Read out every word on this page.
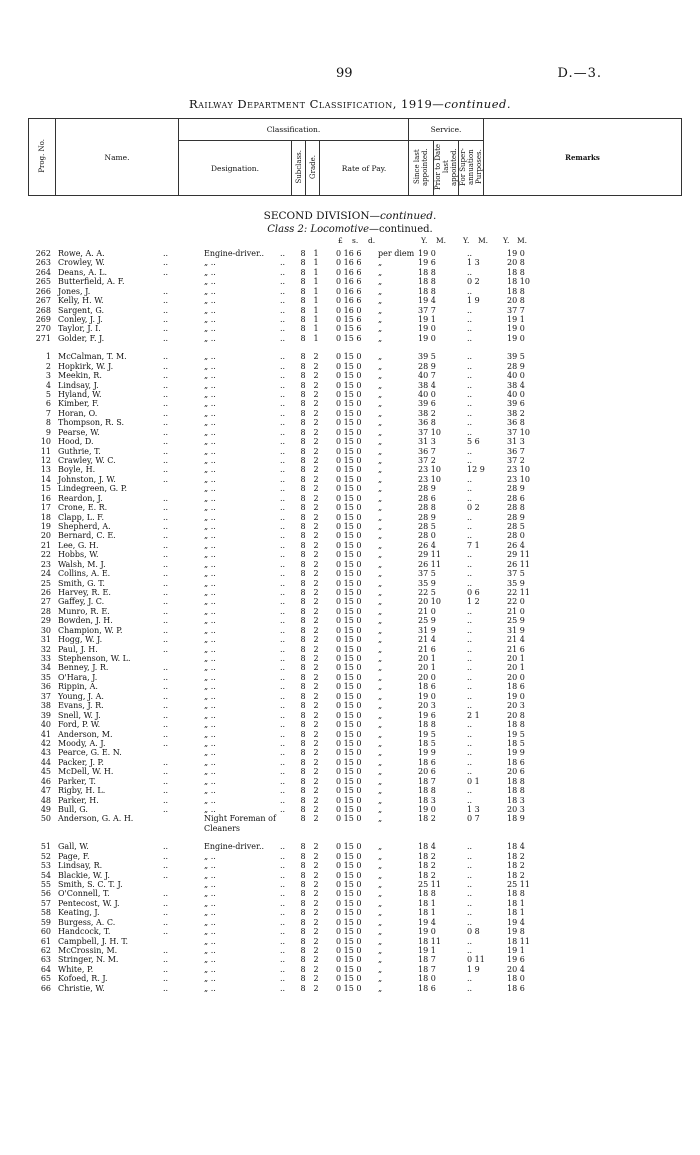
99	D.—3.
Railway Department Classification, 1919—continued.
Prog. No.	Name.	Classification.				Service.			Remarks
		Designation.	Subclass.	Grade.	Rate of Pay.	Since last appointed.	Prior to Date last appointed.	For Super-annuation Purposes.	
SECOND DIVISION—continued.
Class 2: Locomotive—continued.
£ s. d.	Y. M. Y. M. Y. M.
262 Rowe, A. A.	..	Engine-driver.. ..	8 1	0 16 6 per diem 19 0	..	19 0
263 Crowley, W.	..	„ ..	..	8 1	0 16 6 „	19 6	1 3	20 8
264 Deans, A. L.	..	„ ..	..	8 1	0 16 6 „	18 8	..	18 8
265 Butterfield, A. F.	„ ..	..	8 1	0 16 6 „	18 8	0 2	18 10
266 Jones, J.	..	„ ..	..	8 1	0 16 6 „	18 8	..	18 8
267 Kelly, H. W.	..	„ ..	..	8 1	0 16 6 „	19 4	1 9	20 8
268 Sargent, G.	..	„ ..	..	8 1	0 16 0 „	37 7	..	37 7
269 Conley, J. J.	..	„ ..	..	8 1	0 15 6 „	19 1	..	19 1
270 Taylor, J. I.	..	„ ..	..	8 1	0 15 6 „	19 0	..	19 0
271 Golder, F. J.	..	„ ..	..	8 1	0 15 6 „	19 0	..	19 0
1 McCalman, T. M.	..	„ ..	..	8 2	0 15 0 „	39 5	..	39 5
2 Hopkirk, W. J.	..	„ ..	..	8 2	0 15 0 „	28 9	..	28 9
3 Meekin, R.	..	„ ..	..	8 2	0 15 0 „	40 7	..	40 0
4 Lindsay, J.	..	„ ..	..	8 2	0 15 0 „	38 4	..	38 4
5 Hyland, W.	..	„ ..	..	8 2	0 15 0 „	40 0	..	40 0
6 Kimber, F.	..	„ ..	..	8 2	0 15 0 „	39 6	..	39 6
7 Horan, O.	..	„ ..	..	8 2	0 15 0 „	38 2	..	38 2
8 Thompson, R. S.	..	„ ..	..	8 2	0 15 0 „	36 8	..	36 8
9 Pearse, W.	..	„ ..	..	8 2	0 15 0 „	37 10	..	37 10
10 Hood, D.	..	„ ..	..	8 2	0 15 0 „	31 3	5 6	31 3
11 Guthrie, T.	..	„ ..	..	8 2	0 15 0 „	36 7	..	36 7
12 Crawley, W. C.	..	„ ..	..	8 2	0 15 0 „	37 2	..	37 2
13 Boyle, H.	..	„ ..	..	8 2	0 15 0 „	23 10	12 9	23 10
14 Johnston, J. W.	..	„ ..	..	8 2	0 15 0 „	23 10	..	23 10
15 Lindegreen, G. P.	„ ..	..	8 2	0 15 0 „	28 9	..	28 9
16 Reardon, J.	..	„ ..	..	8 2	0 15 0 „	28 6	..	28 6
17 Crone, E. R.	..	„ ..	..	8 2	0 15 0 „	28 8	0 2	28 8
18 Clapp, L. F.	..	„ ..	..	8 2	0 15 0 „	28 9	..	28 9
19 Shepherd, A.	..	„ ..	..	8 2	0 15 0 „	28 5	..	28 5
20 Bernard, C. E.	..	„ ..	..	8 2	0 15 0 „	28 0	..	28 0
21 Lee, G. H.	..	„ ..	..	8 2	0 15 0 „	26 4	7 1	26 4
22 Hobbs, W.	..	„ ..	..	8 2	0 15 0 „	29 11	..	29 11
23 Walsh, M. J.	..	„ ..	..	8 2	0 15 0 „	26 11	..	26 11
24 Collins, A. E.	..	„ ..	..	8 2	0 15 0 „	37 5	..	37 5
25 Smith, G. T.	..	„ ..	..	8 2	0 15 0 „	35 9	..	35 9
26 Harvey, R. E.	..	„ ..	..	8 2	0 15 0 „	22 5	0 6	22 11
27 Gaffey, J. C.	..	„ ..	..	8 2	0 15 0 „	20 10	1 2	22 0
28 Munro, R. E.	..	„ ..	..	8 2	0 15 0 „	21 0	..	21 0
29 Bowden, J. H.	..	„ ..	..	8 2	0 15 0 „	25 9	..	25 9
30 Champion, W. P.	..	„ ..	..	8 2	0 15 0 „	31 9	..	31 9
31 Hogg, W. J.	..	„ ..	..	8 2	0 15 0 „	21 4	..	21 4
32 Paul, J. H.	..	„ ..	..	8 2	0 15 0 „	21 6	..	21 6
33 Stephenson, W. L.	„ ..	..	8 2	0 15 0 „	20 1	..	20 1
34 Benney, J. R.	..	„ ..	..	8 2	0 15 0 „	20 1	..	20 1
35 O'Hara, J.	..	„ ..	..	8 2	0 15 0 „	20 0	..	20 0
36 Rippin, A.	..	„ ..	..	8 2	0 15 0 „	18 6	..	18 6
37 Young, J. A.	..	„ ..	..	8 2	0 15 0 „	19 0	..	19 0
38 Evans, J. R.	..	„ ..	..	8 2	0 15 0 „	20 3	..	20 3
39 Snell, W. J.	..	„ ..	..	8 2	0 15 0 „	19 6	2 1	20 8
40 Ford, P. W.	..	„ ..	..	8 2	0 15 0 „	18 8	..	18 8
41 Anderson, M.	..	„ ..	..	8 2	0 15 0 „	19 5	..	19 5
42 Moody, A. J.	..	„ ..	..	8 2	0 15 0 „	18 5	..	18 5
43 Pearce, G. E. N.	„ ..	..	8 2	0 15 0 „	19 9	..	19 9
44 Packer, J. P.	..	„ ..	..	8 2	0 15 0 „	18 6	..	18 6
45 McDell, W. H.	..	„ ..	..	8 2	0 15 0 „	20 6	..	20 6
46 Parker, T.	..	„ ..	..	8 2	0 15 0 „	18 7	0 1	18 8
47 Rigby, H. L.	..	„ ..	..	8 2	0 15 0 „	18 8	..	18 8
48 Parker, H.	..	„ ..	..	8 2	0 15 0 „	18 3	..	18 3
49 Bull, G.	..	„ ..	..	8 2	0 15 0 „	19 0	1 3	20 3
50 Anderson, G. A. H.	Night Foreman of	8 2	0 15 0 „	18 2	0 7	18 9
Cleaners
51 Gall, W.	..	Engine-driver.. ..	8 2	0 15 0 „	18 4	..	18 4
52 Page, F.	..	„ ..	..	8 2	0 15 0 „	18 2	..	18 2
53 Lindsay, R.	..	„ ..	..	8 2	0 15 0 „	18 2	..	18 2
54 Blackie, W. J.	..	„ ..	..	8 2	0 15 0 „	18 2	..	18 2
55 Smith, S. C. T. J.	„ ..	..	8 2	0 15 0 „	25 11	..	25 11
56 O'Connell, T.	..	„ ..	..	8 2	0 15 0 „	18 8	..	18 8
57 Pentecost, W. J.	..	„ ..	..	8 2	0 15 0 „	18 1	..	18 1
58 Keating, J.	..	„ ..	..	8 2	0 15 0 „	18 1	..	18 1
59 Burgess, A. C.	..	„ ..	..	8 2	0 15 0 „	19 4	..	19 4
60 Handcock, T.	..	„ ..	..	8 2	0 15 0 „	19 0	0 8	19 8
61 Campbell, J. H. T.	„ ..	..	8 2	0 15 0 „	18 11	..	18 11
62 McCrossin, M.	..	„ ..	..	8 2	0 15 0 „	19 1	..	19 1
63 Stringer, N. M.	..	„ ..	..	8 2	0 15 0 „	18 7	0 11	19 6
64 White, P.	..	„ ..	..	8 2	0 15 0 „	18 7	1 9	20 4
65 Kofoed, R. J.	..	„ ..	..	8 2	0 15 0 „	18 0	..	18 0
66 Christie, W.	..	„ ..	..	8 2	0 15 0 „	18 6	..	18 6
